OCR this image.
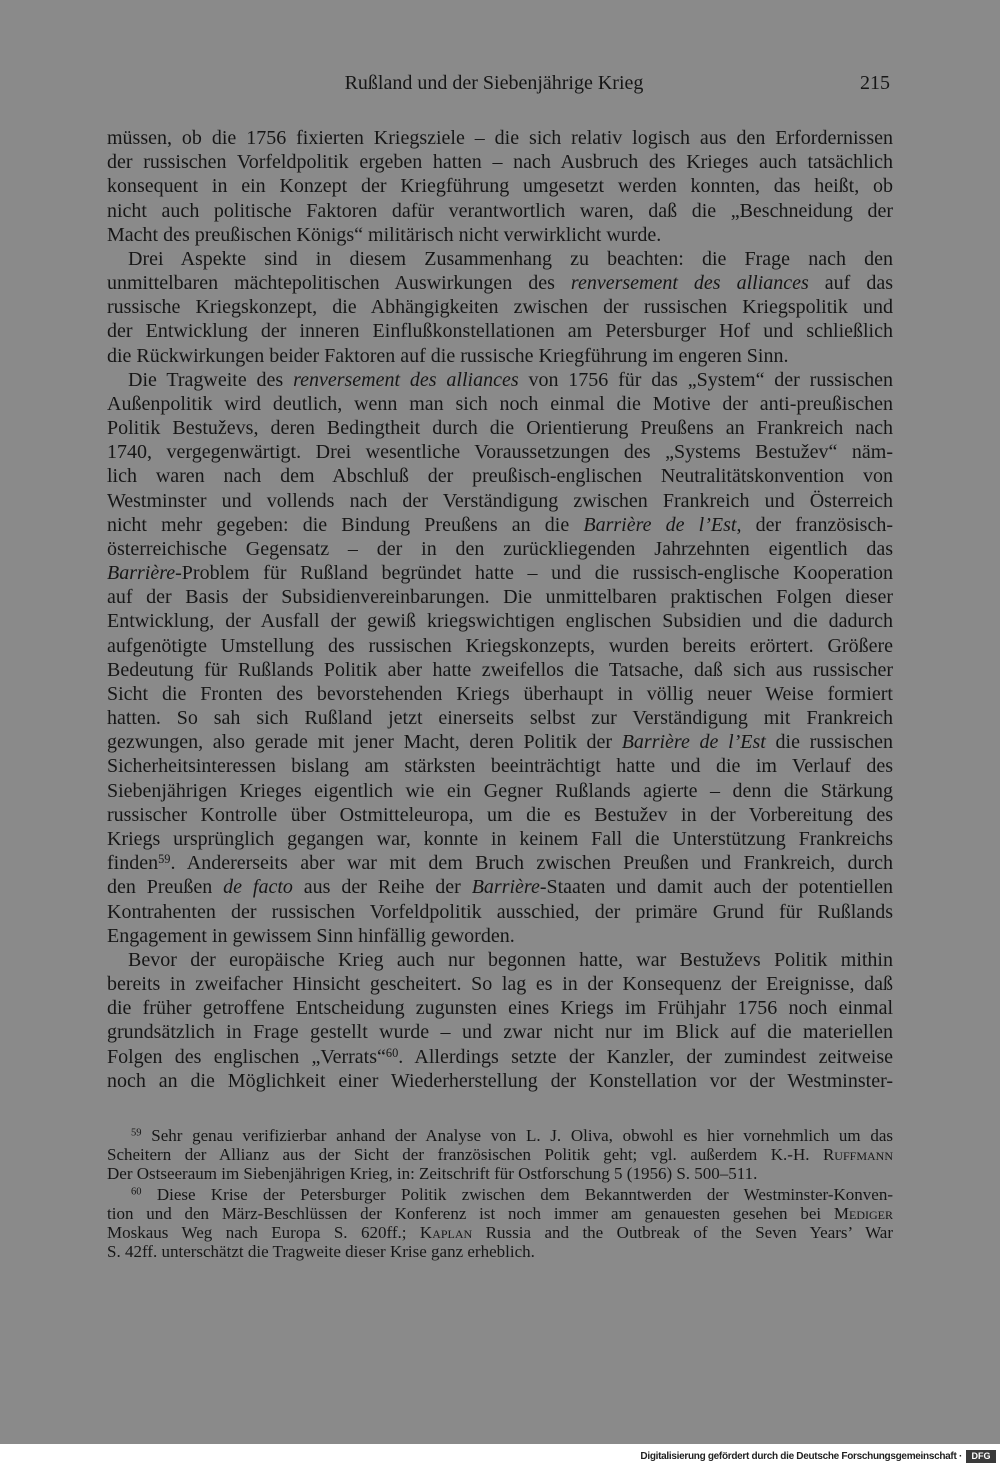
Rußland und der Siebenjährige Krieg	215
müssen, ob die 1756 fixierten Kriegsziele – die sich relativ logisch aus den Erfordernissen
der russischen Vorfeldpolitik ergeben hatten – nach Ausbruch des Krieges auch tatsächlich
konsequent in ein Konzept der Kriegführung umgesetzt werden konnten, das heißt, ob
nicht auch politische Faktoren dafür verantwortlich waren, daß die „Beschneidung der
Macht des preußischen Königs“ militärisch nicht verwirklicht wurde.
Drei Aspekte sind in diesem Zusammenhang zu beachten: die Frage nach den
unmittelbaren mächtepolitischen Auswirkungen des renversement des alliances auf das
russische Kriegskonzept, die Abhängigkeiten zwischen der russischen Kriegspolitik und
der Entwicklung der inneren Einflußkonstellationen am Petersburger Hof und schließlich
die Rückwirkungen beider Faktoren auf die russische Kriegführung im engeren Sinn.
Die Tragweite des renversement des alliances von 1756 für das „System“ der russischen
Außenpolitik wird deutlich, wenn man sich noch einmal die Motive der anti-preußischen
Politik Bestuževs, deren Bedingtheit durch die Orientierung Preußens an Frankreich nach
1740, vergegenwärtigt. Drei wesentliche Voraussetzungen des „Systems Bestužev“ näm-
lich waren nach dem Abschluß der preußisch-englischen Neutralitätskonvention von
Westminster und vollends nach der Verständigung zwischen Frankreich und Österreich
nicht mehr gegeben: die Bindung Preußens an die Barrière de l’Est, der französisch-
österreichische Gegensatz – der in den zurückliegenden Jahrzehnten eigentlich das
Barrière-Problem für Rußland begründet hatte – und die russisch-englische Kooperation
auf der Basis der Subsidienvereinbarungen. Die unmittelbaren praktischen Folgen dieser
Entwicklung, der Ausfall der gewiß kriegswichtigen englischen Subsidien und die dadurch
aufgenötigte Umstellung des russischen Kriegskonzepts, wurden bereits erörtert. Größere
Bedeutung für Rußlands Politik aber hatte zweifellos die Tatsache, daß sich aus russischer
Sicht die Fronten des bevorstehenden Kriegs überhaupt in völlig neuer Weise formiert
hatten. So sah sich Rußland jetzt einerseits selbst zur Verständigung mit Frankreich
gezwungen, also gerade mit jener Macht, deren Politik der Barrière de l’Est die russischen
Sicherheitsinteressen bislang am stärksten beeinträchtigt hatte und die im Verlauf des
Siebenjährigen Krieges eigentlich wie ein Gegner Rußlands agierte – denn die Stärkung
russischer Kontrolle über Ostmitteleuropa, um die es Bestužev in der Vorbereitung des
Kriegs ursprünglich gegangen war, konnte in keinem Fall die Unterstützung Frankreichs
finden$^{59}$. Andererseits aber war mit dem Bruch zwischen Preußen und Frankreich, durch
den Preußen de facto aus der Reihe der Barrière-Staaten und damit auch der potentiellen
Kontrahenten der russischen Vorfeldpolitik ausschied, der primäre Grund für Rußlands
Engagement in gewissem Sinn hinfällig geworden.
Bevor der europäische Krieg auch nur begonnen hatte, war Bestuževs Politik mithin
bereits in zweifacher Hinsicht gescheitert. So lag es in der Konsequenz der Ereignisse, daß
die früher getroffene Entscheidung zugunsten eines Kriegs im Frühjahr 1756 noch einmal
grundsätzlich in Frage gestellt wurde – und zwar nicht nur im Blick auf die materiellen
Folgen des englischen „Verrats“$^{60}$. Allerdings setzte der Kanzler, der zumindest zeitweise
noch an die Möglichkeit einer Wiederherstellung der Konstellation vor der Westminster-
$^{59}$ Sehr genau verifizierbar anhand der Analyse von L. J. Oliva, obwohl es hier vornehmlich um das
Scheitern der Allianz aus der Sicht der französischen Politik geht; vgl. außerdem K.-H. Ruffmann
Der Ostseeraum im Siebenjährigen Krieg, in: Zeitschrift für Ostforschung 5 (1956) S. 500–511.
$^{60}$ Diese Krise der Petersburger Politik zwischen dem Bekanntwerden der Westminster-Konven-
tion und den März-Beschlüssen der Konferenz ist noch immer am genauesten gesehen bei Mediger
Moskaus Weg nach Europa S. 620ff.; Kaplan Russia and the Outbreak of the Seven Years’ War
S. 42ff. unterschätzt die Tragweite dieser Krise ganz erheblich.
Digitalisierung gefördert durch die Deutsche Forschungsgemeinschaft ·	DFG
